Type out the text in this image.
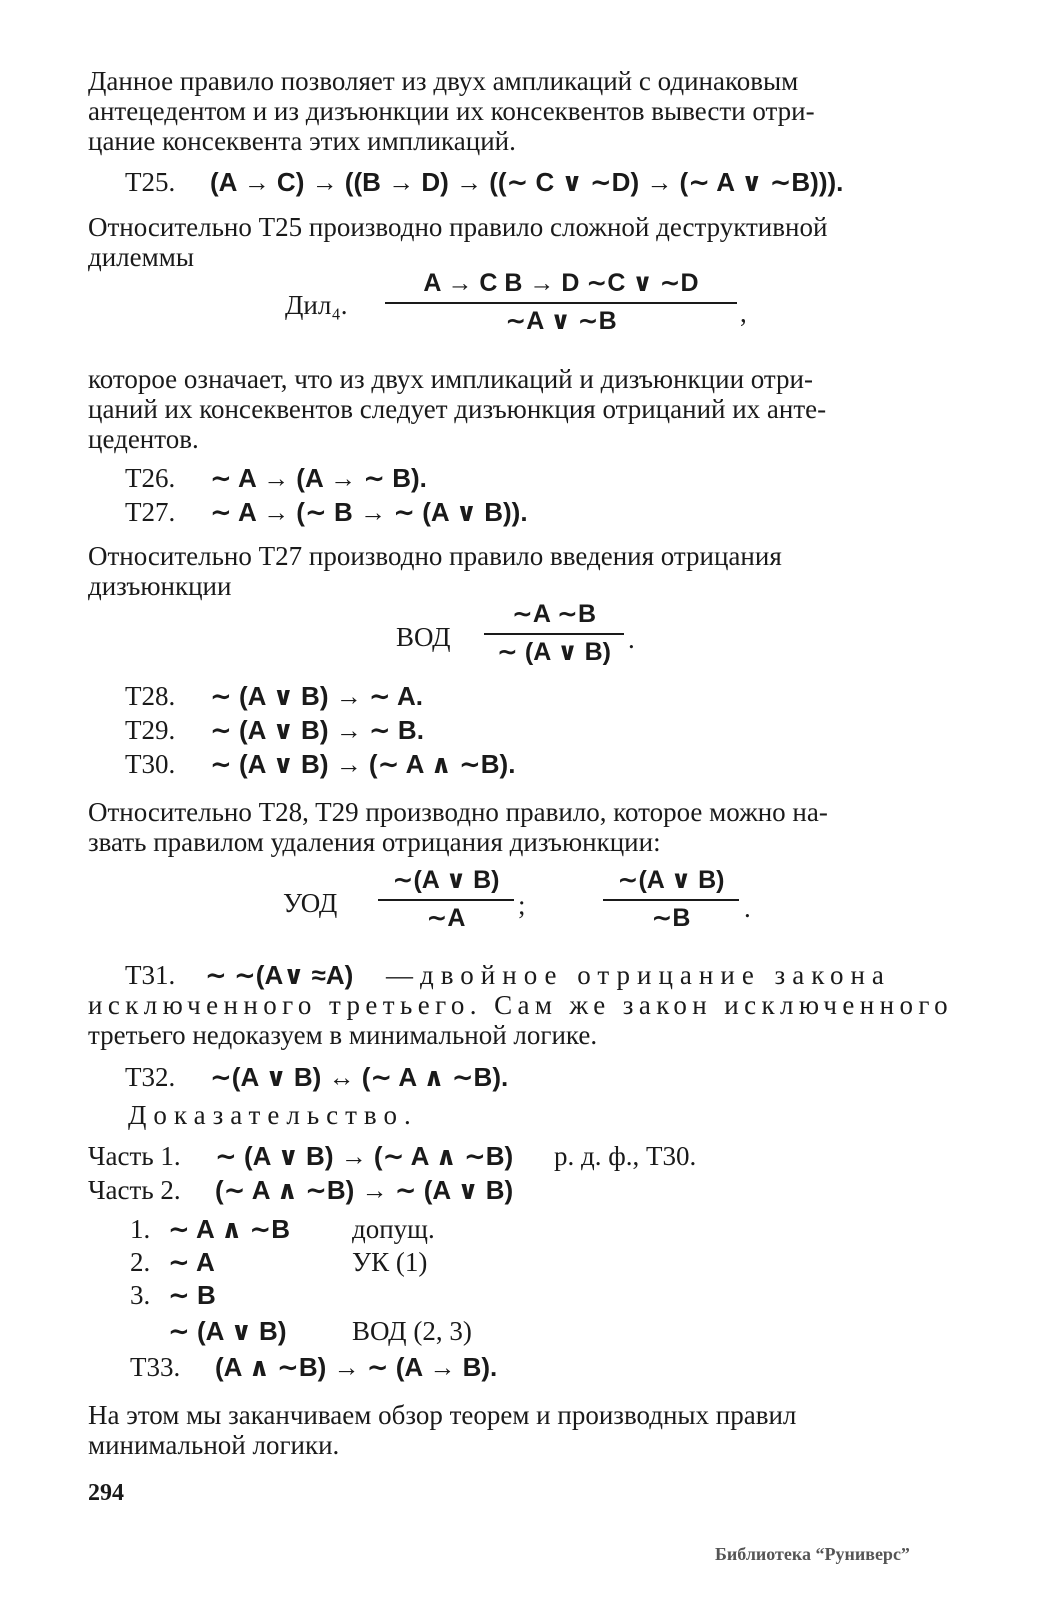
Данное правило позволяет из двух ампликаций с одинаковым
антецедентом и из дизъюнкции их консеквентов вывести отри-
цание консеквента этих импликаций.
T25. (A → C) → ((B → D) → ((∼ C ∨ ∼D) → (∼ A ∨ ∼B))).
Относительно T25 производно правило сложной деструктивной
дилеммы
Дил₄.
A → C B → D ∼C ∨ ∼D
∼A ∨ ∼B	,
которое означает, что из двух импликаций и дизъюнкции отри-
цаний их консеквентов следует дизъюнкция отрицаний их анте-
цедентов.
T26. ∼ A → (A → ∼ B).
T27. ∼ A → (∼ B → ∼ (A ∨ B)).
Относительно T27 производно правило введения отрицания
дизъюнкции
ВОД
∼A ∼B
∼ (A ∨ B) .
T28. ∼ (A ∨ B) → ∼ A.
T29. ∼ (A ∨ B) → ∼ B.
T30. ∼ (A ∨ B) → (∼ A ∧ ∼B).
Относительно T28, T29 производно правило, которое можно на-
звать правилом удаления отрицания дизъюнкции:
УОД
∼(A ∨ B)
∼A ;
∼(A ∨ B)
∼B .
T31. ∼ ∼(A∨ ≈A) —двойное отрицание закона
исключенного третьего. Сам же закон исключенного
третьего недоказуем в минимальной логике.
T32. ∼(A ∨ B) ↔ (∼ A ∧ ∼B).
Доказательство.
Часть 1. ∼ (A ∨ B) → (∼ A ∧ ∼B) р. д. ф., T30.
Часть 2. (∼ A ∧ ∼B) → ∼ (A ∨ B)
1. ∼ A ∧ ∼B допущ.
2. ∼ A	УК (1)
3. ∼ B
∼ (A ∨ B) ВОД (2, 3)
T33. (A ∧ ∼B) → ∼ (A → B).
На этом мы заканчиваем обзор теорем и производных правил
минимальной логики.
294
Библиотека “Руниверс”
